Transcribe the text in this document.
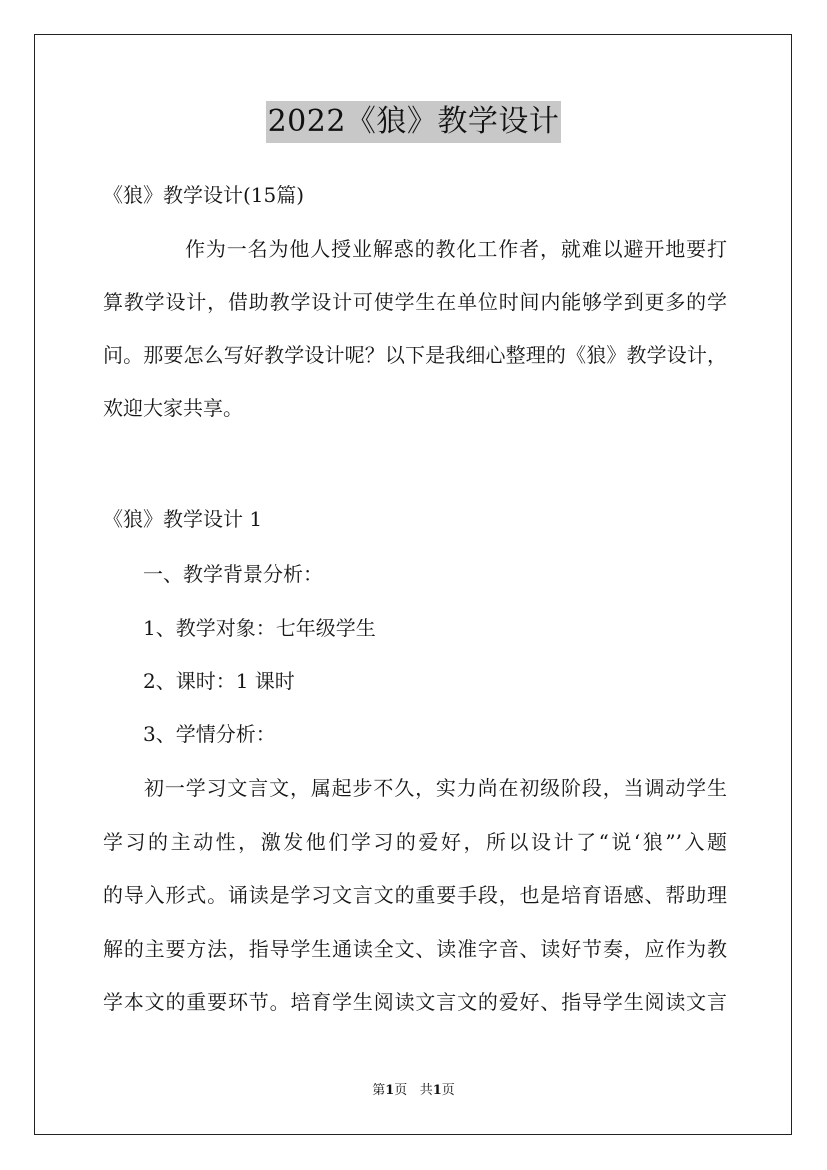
2022《狼》教学设计
《狼》教学设计(15篇)
作为一名为他人授业解惑的教化工作者，就难以避开地要打
算教学设计，借助教学设计可使学生在单位时间内能够学到更多的学
问。那要怎么写好教学设计呢？以下是我细心整理的《狼》教学设计，
欢迎大家共享。
《狼》教学设计 1
一、教学背景分析：
1、教学对象：七年级学生
2、课时：1 课时
3、学情分析：
初一学习文言文，属起步不久，实力尚在初级阶段，当调动学生
学习的主动性，激发他们学习的爱好，所以设计了“说‘狼”’入题
的导入形式。诵读是学习文言文的重要手段，也是培育语感、帮助理
解的主要方法，指导学生通读全文、读准字音、读好节奏，应作为教
学本文的重要环节。培育学生阅读文言文的爱好、指导学生阅读文言
第1页   共1页
